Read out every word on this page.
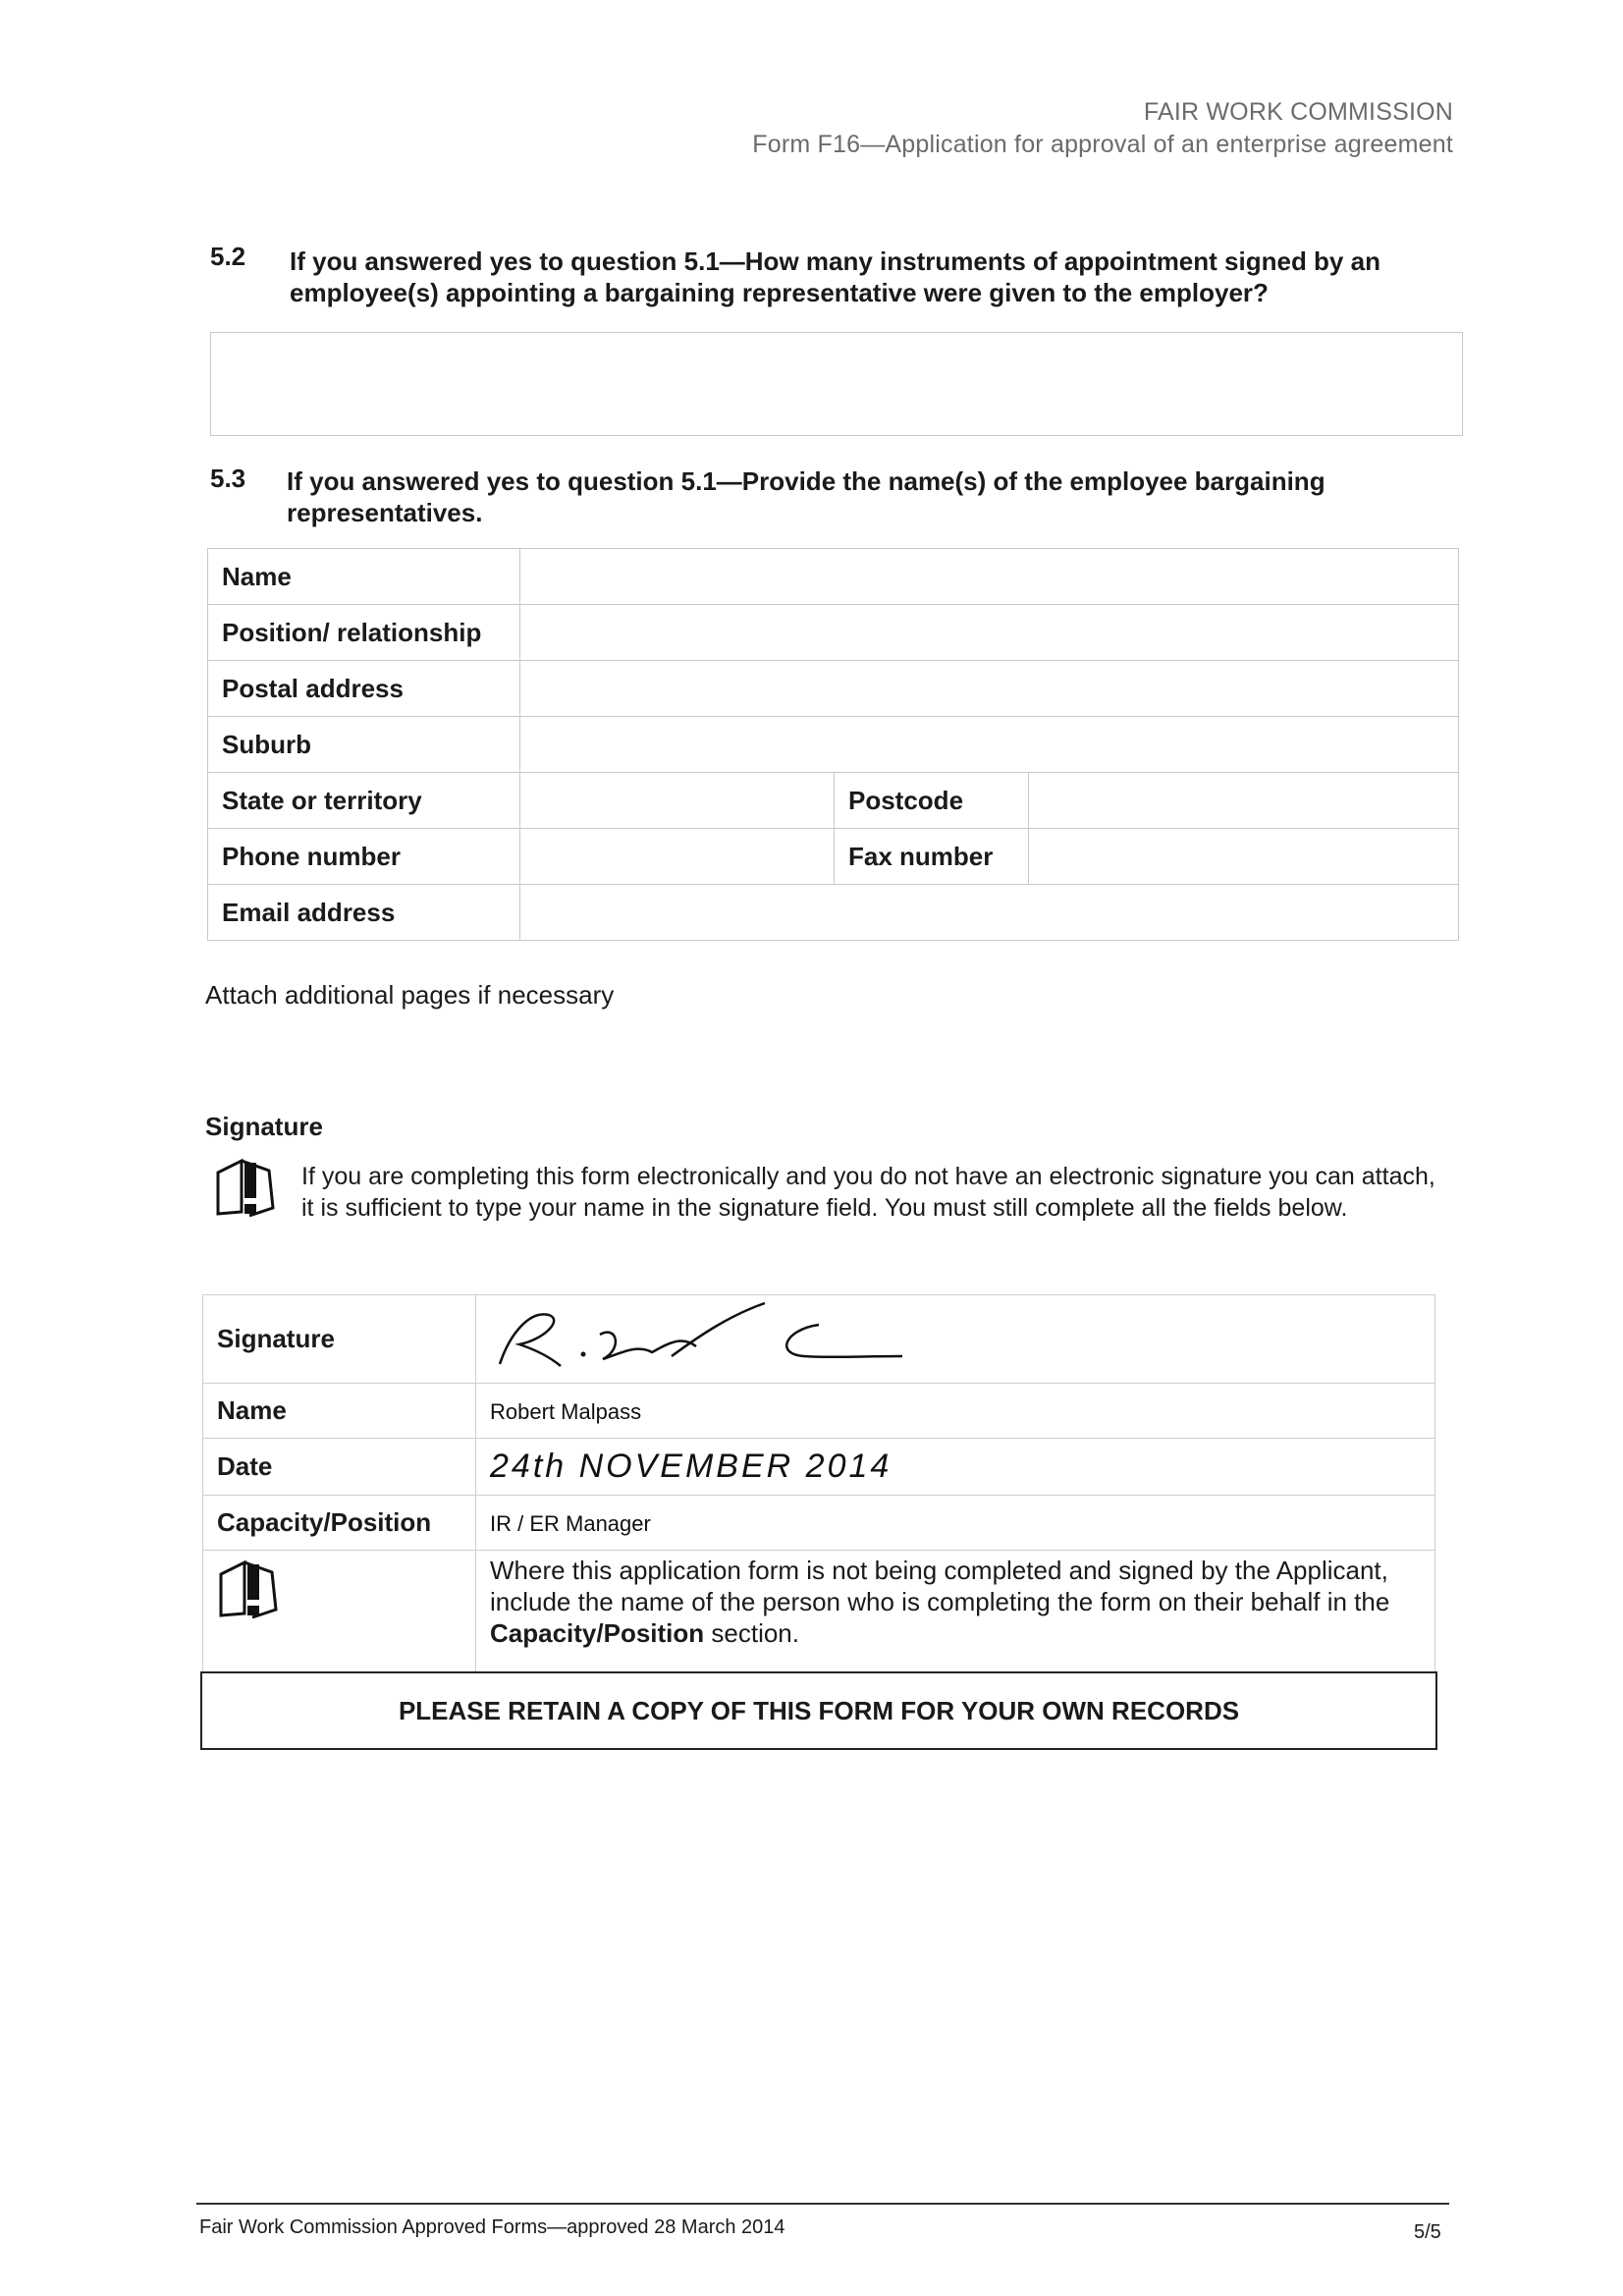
FAIR WORK COMMISSION
Form F16—Application for approval of an enterprise agreement
5.2 If you answered yes to question 5.1—How many instruments of appointment signed by an employee(s) appointing a bargaining representative were given to the employer?
5.3 If you answered yes to question 5.1—Provide the name(s) of the employee bargaining representatives.
Name			
Position/ relationship			
Postal address			
Suburb			
State or territory		Postcode	
Phone number		Fax number	
Email address			
Attach additional pages if necessary
Signature
If you are completing this form electronically and you do not have an electronic signature you can attach, it is sufficient to type your name in the signature field. You must still complete all the fields below.
Signature	
Name	Robert Malpass
Date	24th NOVEMBER 2014
Capacity/Position	IR / ER Manager
	Where this application form is not being completed and signed by the Applicant, include the name of the person who is completing the form on their behalf in the Capacity/Position section.
PLEASE RETAIN A COPY OF THIS FORM FOR YOUR OWN RECORDS
Fair Work Commission Approved Forms—approved 28 March 2014	5/5
